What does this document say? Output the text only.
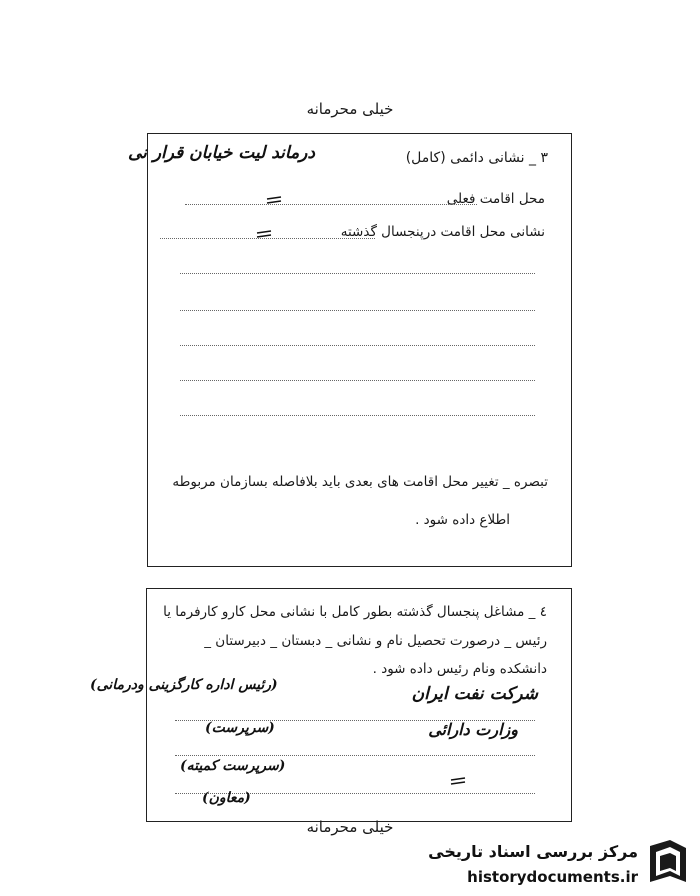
خیلی محرمانه
۳ _ نشانی دائمی (کامل)
درماند لیت خیابان قرار نی
محل اقامت فعلی
نشانی محل اقامت درپنجسال گذشته
تبصره _ تغییر محل اقامت های بعدی باید بلافاصله بسازمان مربوطه
اطلاع داده شود .
٤ _ مشاغل پنجسال گذشته بطور کامل با نشانی محل کارو کارفرما یا
رئیس _ درصورت تحصیل نام و نشانی _ دبستان _ دبیرستان _
دانشکده ونام رئیس داده شود .
شرکت نفت ایران
وزارت دارائی
(رئیس اداره کارگزینی ودرمانی)
(سرپرست)
(سرپرست کمیته)
(معاون)
خیلی محرمانه
مرکز بررسی اسناد تاریخی
historydocuments.ir
